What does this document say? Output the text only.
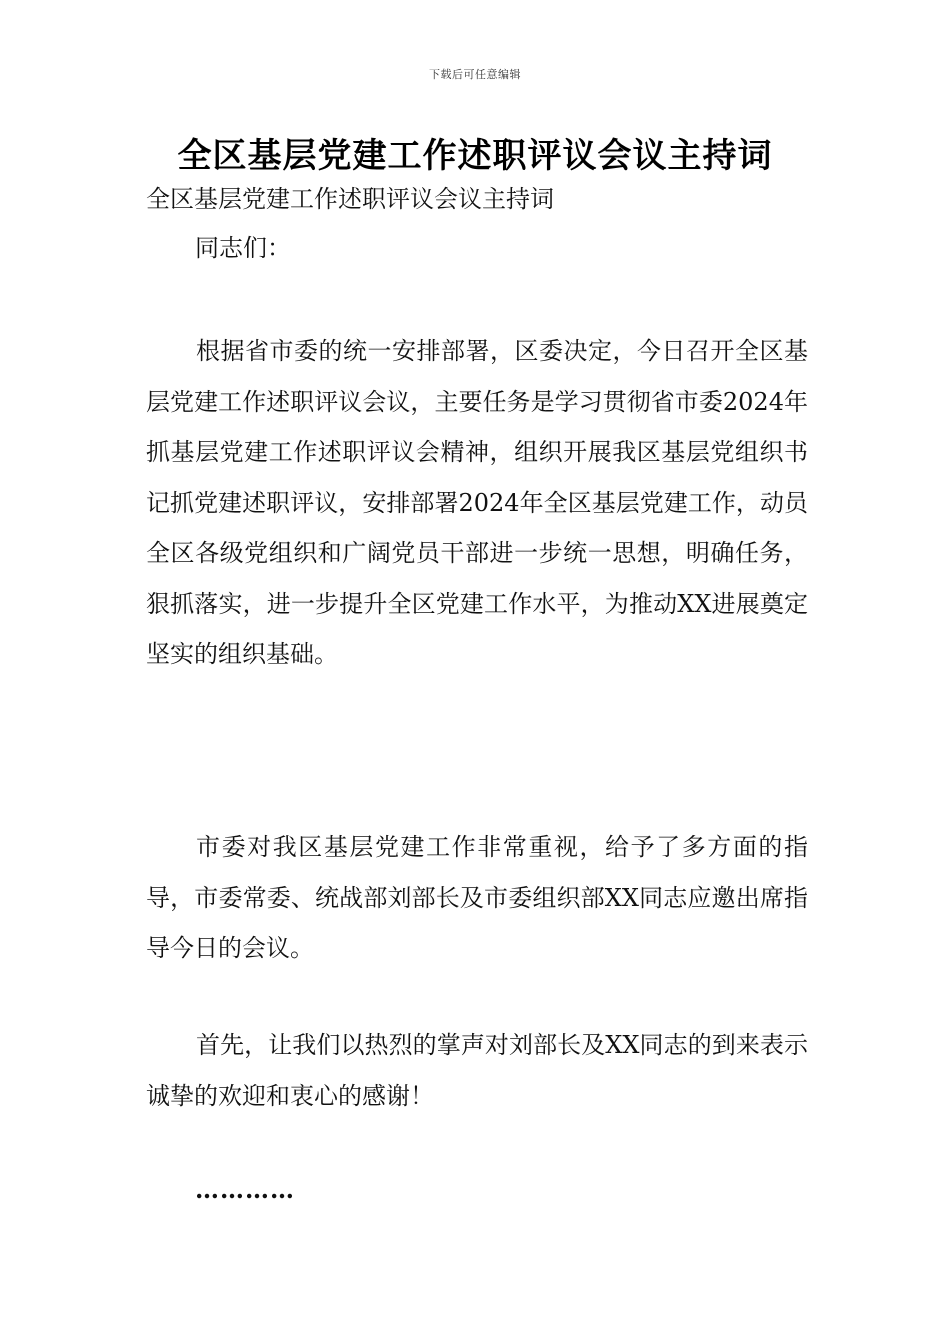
下载后可任意编辑
全区基层党建工作述职评议会议主持词
全区基层党建工作述职评议会议主持词
同志们：

根据省市委的统一安排部署，区委决定，今日召开全区基层党建工作述职评议会议，主要任务是学习贯彻省市委2024年抓基层党建工作述职评议会精神，组织开展我区基层党组织书记抓党建述职评议，安排部署2024年全区基层党建工作，动员全区各级党组织和广阔党员干部进一步统一思想，明确任务，狠抓落实，进一步提升全区党建工作水平，为推动XX进展奠定坚实的组织基础。

市委对我区基层党建工作非常重视，给予了多方面的指导，市委常委、统战部刘部长及市委组织部XX同志应邀出席指导今日的会议。

首先，让我们以热烈的掌声对刘部长及XX同志的到来表示诚挚的欢迎和衷心的感谢！

…………
